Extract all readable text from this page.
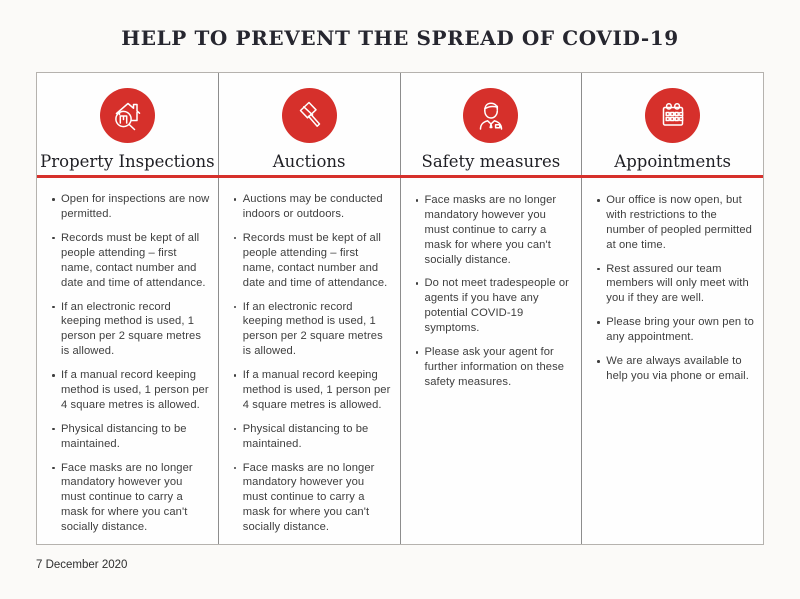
HELP TO PREVENT THE SPREAD OF COVID-19
Property Inspections
Open for inspections are now permitted.
Records must be kept of all people attending – first name, contact number and date and time of attendance.
If an electronic record keeping method is used, 1 person per 2 square metres is allowed.
If a manual record keeping method is used, 1 person per 4 square metres is allowed.
Physical distancing to be maintained.
Face masks are no longer mandatory however you must continue to carry a mask for where you can't socially distance.
Auctions
Auctions may be conducted indoors or outdoors.
Records must be kept of all people attending – first name, contact number and date and time of attendance.
If an electronic record keeping method is used, 1 person per 2 square metres is allowed.
If a manual record keeping method is used, 1 person per 4 square metres is allowed.
Physical distancing to be maintained.
Face masks are no longer mandatory however you must continue to carry a mask for where you can't socially distance.
Safety measures
Face masks are no longer mandatory however you must continue to carry a mask for where you can't socially distance.
Do not meet tradespeople or agents if you have any potential COVID-19 symptoms.
Please ask your agent for further information on these safety measures.
Appointments
Our office is now open, but with restrictions to the number of peopled permitted at one time.
Rest assured our team members will only meet with you if they are well.
Please bring your own pen to any appointment.
We are always available to help you via phone or email.
7 December 2020
